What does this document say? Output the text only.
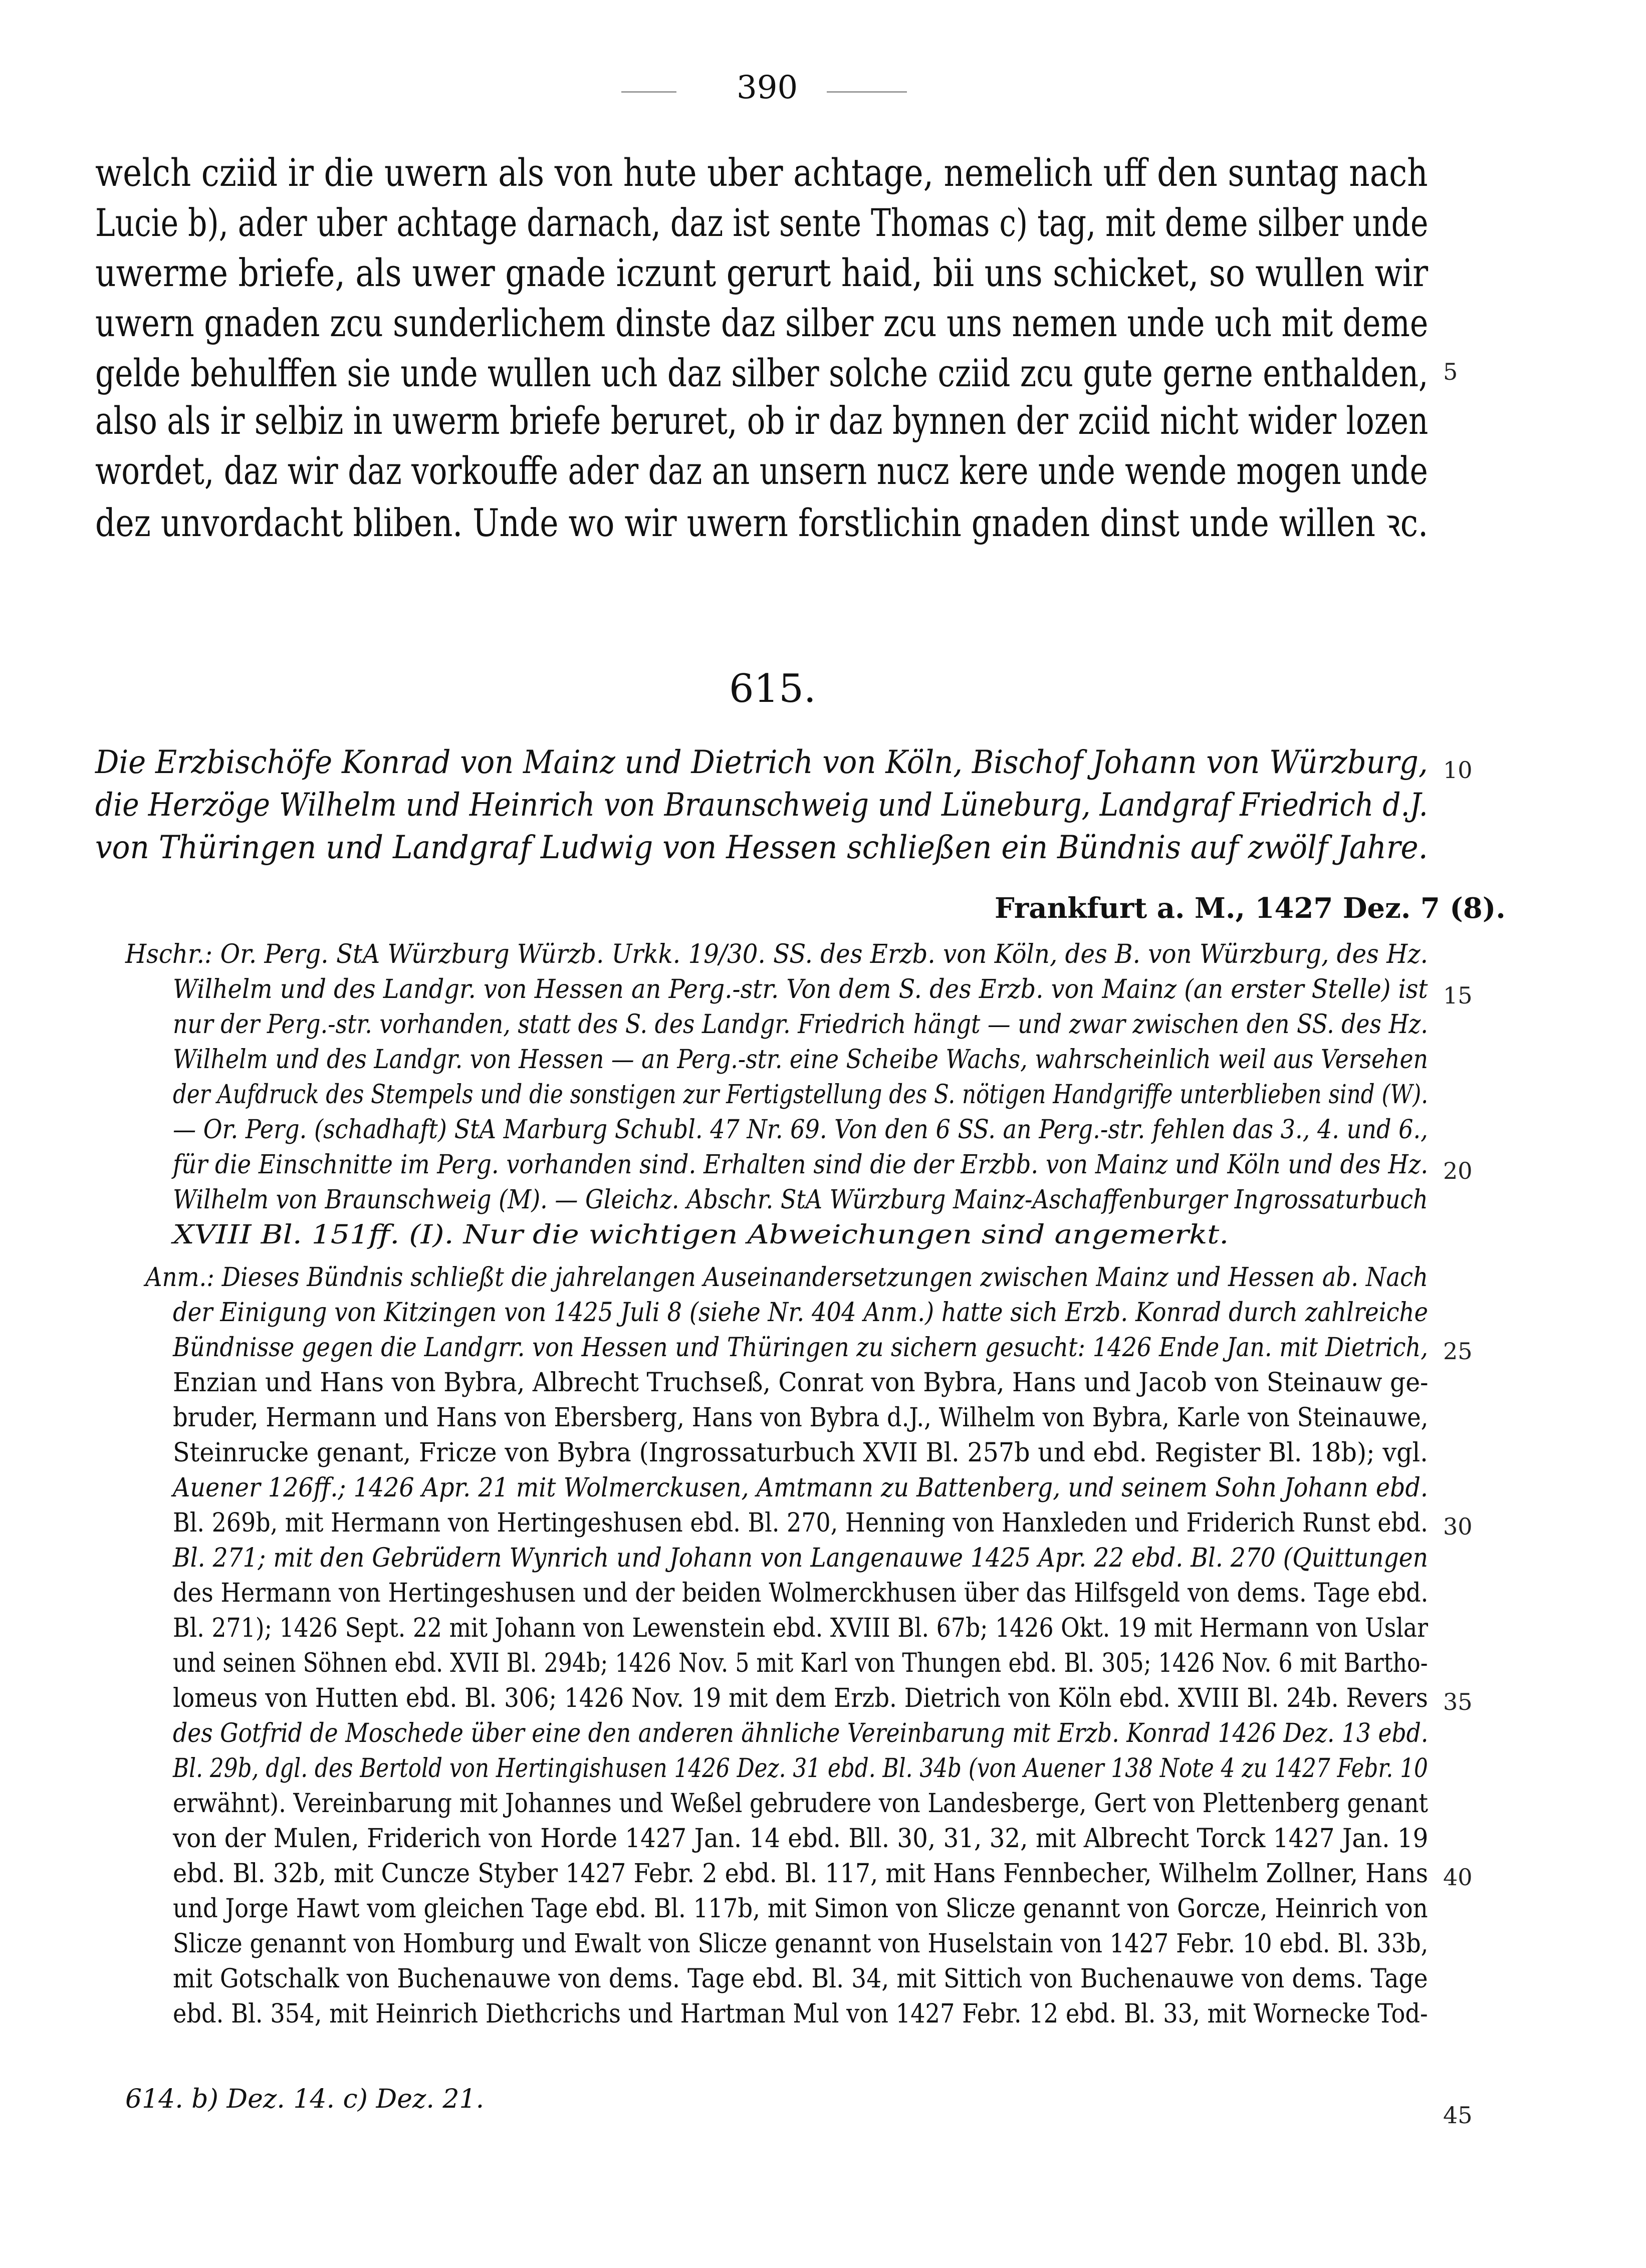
390
welch cziid ir die uwern als von hute uber achtage, nemelich uff den suntag nach
Lucie b), ader uber achtage darnach, daz ist sente Thomas c) tag, mit deme silber unde
uwerme briefe, als uwer gnade iczunt gerurt haid, bii uns schicket, so wullen wir
uwern gnaden zcu sunderlichem dinste daz silber zcu uns nemen unde uch mit deme
gelde behulffen sie unde wullen uch daz silber solche cziid zcu gute gerne enthalden,
also als ir selbiz in uwerm briefe beruret, ob ir daz bynnen der zciid nicht wider lozen
wordet, daz wir daz vorkouffe ader daz an unsern nucz kere unde wende mogen unde
dez unvordacht bliben. Unde wo wir uwern forstlichin gnaden dinst unde willen ꝛc.
615.
Die Erzbischöfe Konrad von Mainz und Dietrich von Köln, Bischof Johann von Würzburg,
die Herzöge Wilhelm und Heinrich von Braunschweig und Lüneburg, Landgraf Friedrich d.J.
von Thüringen und Landgraf Ludwig von Hessen schließen ein Bündnis auf zwölf Jahre.
Frankfurt a. M., 1427 Dez. 7 (8).
Hschr.: Or. Perg. StA Würzburg Würzb. Urkk. 19/30. SS. des Erzb. von Köln, des B. von Würzburg, des Hz.
Wilhelm und des Landgr. von Hessen an Perg.-str. Von dem S. des Erzb. von Mainz (an erster Stelle) ist
nur der Perg.-str. vorhanden, statt des S. des Landgr. Friedrich hängt — und zwar zwischen den SS. des Hz.
Wilhelm und des Landgr. von Hessen — an Perg.-str. eine Scheibe Wachs, wahrscheinlich weil aus Versehen
der Aufdruck des Stempels und die sonstigen zur Fertigstellung des S. nötigen Handgriffe unterblieben sind (W).
— Or. Perg. (schadhaft) StA Marburg Schubl. 47 Nr. 69. Von den 6 SS. an Perg.-str. fehlen das 3., 4. und 6.,
für die Einschnitte im Perg. vorhanden sind. Erhalten sind die der Erzbb. von Mainz und Köln und des Hz.
Wilhelm von Braunschweig (M). — Gleichz. Abschr. StA Würzburg Mainz-Aschaffenburger Ingrossaturbuch
XVIII Bl. 151ff. (I). Nur die wichtigen Abweichungen sind angemerkt.
Anm.: Dieses Bündnis schließt die jahrelangen Auseinandersetzungen zwischen Mainz und Hessen ab. Nach
der Einigung von Kitzingen von 1425 Juli 8 (siehe Nr. 404 Anm.) hatte sich Erzb. Konrad durch zahlreiche
Bündnisse gegen die Landgrr. von Hessen und Thüringen zu sichern gesucht: 1426 Ende Jan. mit Dietrich,
Enzian und Hans von Bybra, Albrecht Truchseß, Conrat von Bybra, Hans und Jacob von Steinauw ge-
bruder, Hermann und Hans von Ebersberg, Hans von Bybra d.J., Wilhelm von Bybra, Karle von Steinauwe,
Steinrucke genant, Fricze von Bybra (Ingrossaturbuch XVII Bl. 257b und ebd. Register Bl. 18b); vgl.
Auener 126ff.; 1426 Apr. 21 mit Wolmerckusen, Amtmann zu Battenberg, und seinem Sohn Johann ebd.
Bl. 269b, mit Hermann von Hertingeshusen ebd. Bl. 270, Henning von Hanxleden und Friderich Runst ebd.
Bl. 271; mit den Gebrüdern Wynrich und Johann von Langenauwe 1425 Apr. 22 ebd. Bl. 270 (Quittungen
des Hermann von Hertingeshusen und der beiden Wolmerckhusen über das Hilfsgeld von dems. Tage ebd.
Bl. 271); 1426 Sept. 22 mit Johann von Lewenstein ebd. XVIII Bl. 67b; 1426 Okt. 19 mit Hermann von Uslar
und seinen Söhnen ebd. XVII Bl. 294b; 1426 Nov. 5 mit Karl von Thungen ebd. Bl. 305; 1426 Nov. 6 mit Bartho-
lomeus von Hutten ebd. Bl. 306; 1426 Nov. 19 mit dem Erzb. Dietrich von Köln ebd. XVIII Bl. 24b. Revers
des Gotfrid de Moschede über eine den anderen ähnliche Vereinbarung mit Erzb. Konrad 1426 Dez. 13 ebd.
Bl. 29b, dgl. des Bertold von Hertingishusen 1426 Dez. 31 ebd. Bl. 34b (von Auener 138 Note 4 zu 1427 Febr. 10
erwähnt). Vereinbarung mit Johannes und Weßel gebrudere von Landesberge, Gert von Plettenberg genant
von der Mulen, Friderich von Horde 1427 Jan. 14 ebd. Bll. 30, 31, 32, mit Albrecht Torck 1427 Jan. 19
ebd. Bl. 32b, mit Cuncze Styber 1427 Febr. 2 ebd. Bl. 117, mit Hans Fennbecher, Wilhelm Zollner, Hans
und Jorge Hawt vom gleichen Tage ebd. Bl. 117b, mit Simon von Slicze genannt von Gorcze, Heinrich von
Slicze genannt von Homburg und Ewalt von Slicze genannt von Huselstain von 1427 Febr. 10 ebd. Bl. 33b,
mit Gotschalk von Buchenauwe von dems. Tage ebd. Bl. 34, mit Sittich von Buchenauwe von dems. Tage
ebd. Bl. 354, mit Heinrich Diethcrichs und Hartman Mul von 1427 Febr. 12 ebd. Bl. 33, mit Wornecke Tod-
614. b) Dez. 14. c) Dez. 21.
5
10
15
20
25
30
35
40
45
